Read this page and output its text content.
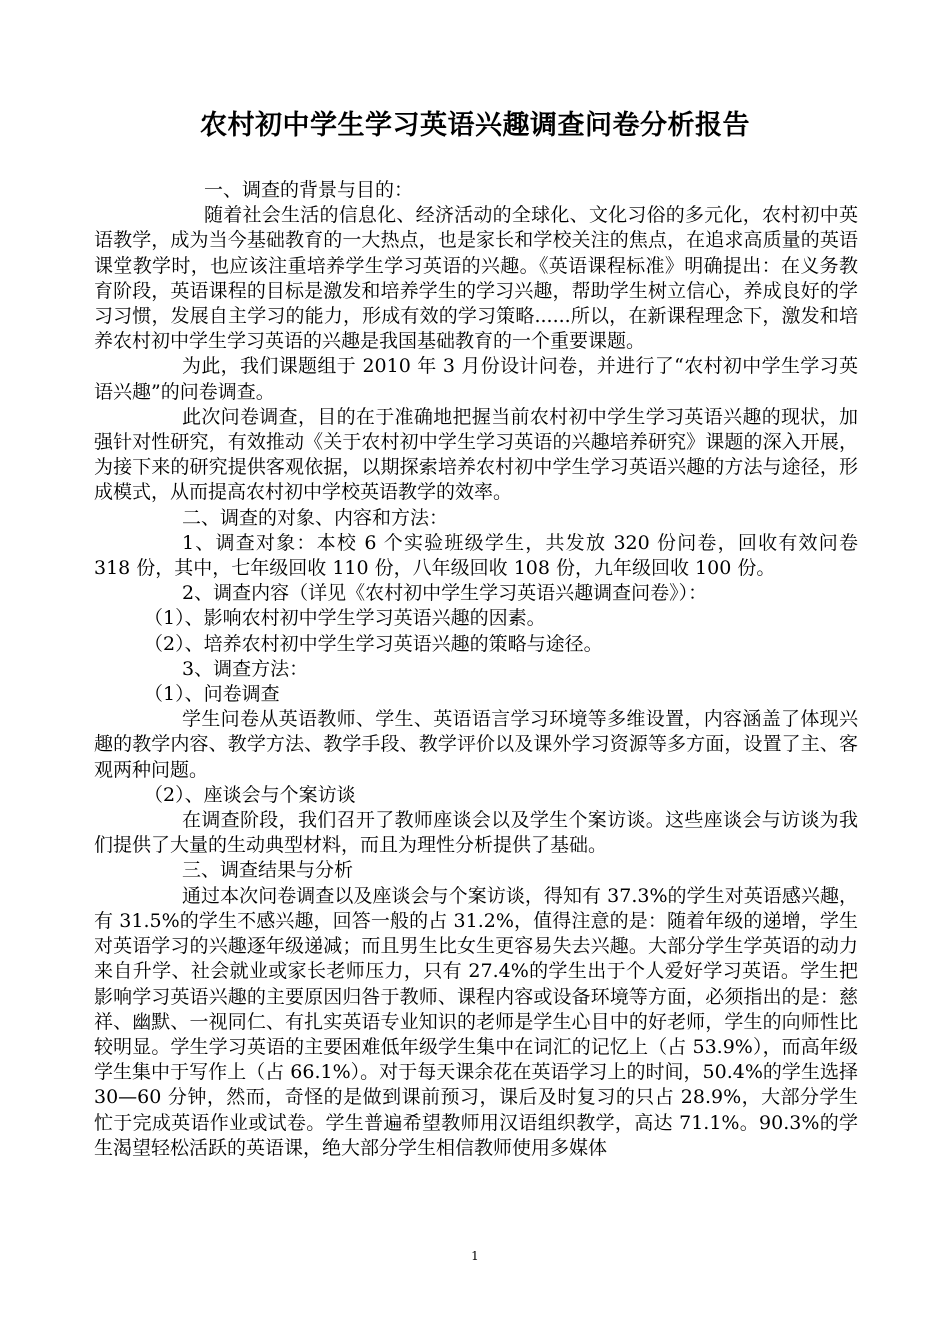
农村初中学生学习英语兴趣调查问卷分析报告

一、调查的背景与目的：

随着社会生活的信息化、经济活动的全球化、文化习俗的多元化，农村初中英语教学，成为当今基础教育的一大热点，也是家长和学校关注的焦点，在追求高质量的英语课堂教学时，也应该注重培养学生学习英语的兴趣。《英语课程标准》明确提出：在义务教育阶段，英语课程的目标是激发和培养学生的学习兴趣，帮助学生树立信心，养成良好的学习习惯，发展自主学习的能力，形成有效的学习策略......所以，在新课程理念下，激发和培养农村初中学生学习英语的兴趣是我国基础教育的一个重要课题。

为此，我们课题组于 2010 年 3 月份设计问卷，并进行了“农村初中学生学习英语兴趣”的问卷调查。

此次问卷调查，目的在于准确地把握当前农村初中学生学习英语兴趣的现状，加强针对性研究，有效推动《关于农村初中学生学习英语的兴趣培养研究》课题的深入开展，为接下来的研究提供客观依据，以期探索培养农村初中学生学习英语兴趣的方法与途径，形成模式，从而提高农村初中学校英语教学的效率。

二、调查的对象、内容和方法：

1、调查对象：本校 6 个实验班级学生，共发放 320 份问卷，回收有效问卷 318 份，其中，七年级回收 110 份，八年级回收 108 份，九年级回收 100 份。

2、调查内容（详见《农村初中学生学习英语兴趣调查问卷》）：

（1）、影响农村初中学生学习英语兴趣的因素。

（2）、培养农村初中学生学习英语兴趣的策略与途径。

3、调查方法：

（1）、问卷调查

学生问卷从英语教师、学生、英语语言学习环境等多维设置，内容涵盖了体现兴趣的教学内容、教学方法、教学手段、教学评价以及课外学习资源等多方面，设置了主、客观两种问题。

（2）、座谈会与个案访谈

在调查阶段，我们召开了教师座谈会以及学生个案访谈。这些座谈会与访谈为我们提供了大量的生动典型材料，而且为理性分析提供了基础。

三、调查结果与分析

通过本次问卷调查以及座谈会与个案访谈，得知有 37.3%的学生对英语感兴趣，有 31.5%的学生不感兴趣，回答一般的占 31.2%，值得注意的是：随着年级的递增，学生对英语学习的兴趣逐年级递减；而且男生比女生更容易失去兴趣。大部分学生学英语的动力来自升学、社会就业或家长老师压力，只有 27.4%的学生出于个人爱好学习英语。学生把影响学习英语兴趣的主要原因归咎于教师、课程内容或设备环境等方面，必须指出的是：慈祥、幽默、一视同仁、有扎实英语专业知识的老师是学生心目中的好老师，学生的向师性比较明显。学生学习英语的主要困难低年级学生集中在词汇的记忆上（占 53.9%），而高年级学生集中于写作上（占 66.1%）。对于每天课余花在英语学习上的时间，50.4%的学生选择 30—60 分钟，然而，奇怪的是做到课前预习，课后及时复习的只占 28.9%，大部分学生忙于完成英语作业或试卷。学生普遍希望教师用汉语组织教学，高达 71.1%。90.3%的学生渴望轻松活跃的英语课，绝大部分学生相信教师使用多媒体

1
